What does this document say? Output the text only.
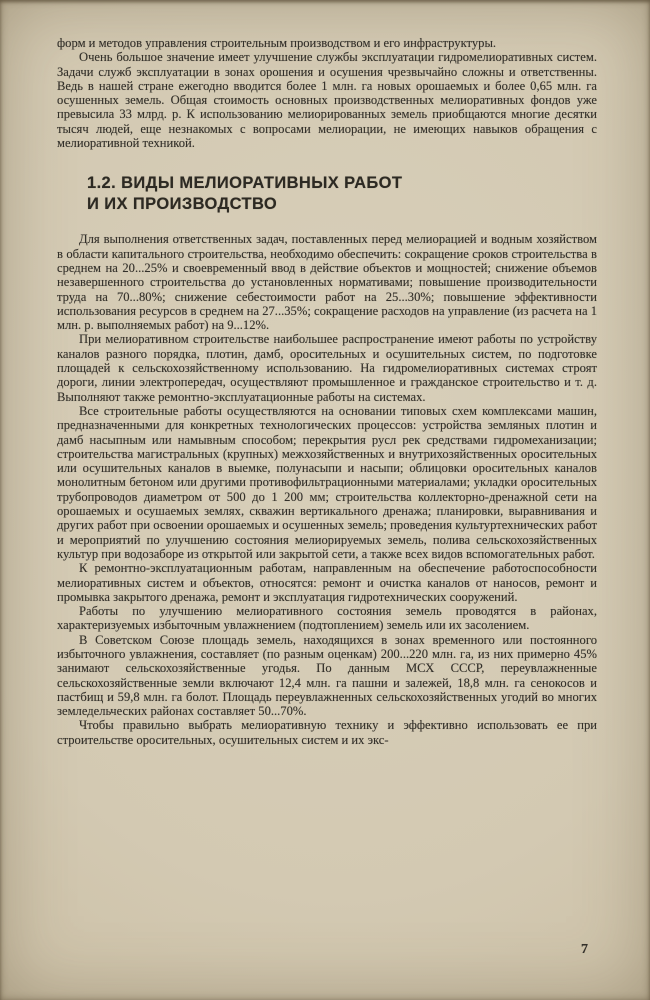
форм и методов управления строительным производством и его инфраструктуры.

Очень большое значение имеет улучшение службы эксплуатации гидромелиоративных систем. Задачи служб эксплуатации в зонах орошения и осушения чрезвычайно сложны и ответственны. Ведь в нашей стране ежегодно вводится более 1 млн. га новых орошаемых и более 0,65 млн. га осушенных земель. Общая стоимость основных производственных мелиоративных фондов уже превысила 33 млрд. р. К использованию мелиорированных земель приобщаются многие десятки тысяч людей, еще незнакомых с вопросами мелиорации, не имеющих навыков обращения с мелиоративной техникой.

1.2. ВИДЫ МЕЛИОРАТИВНЫХ РАБОТ
И ИХ ПРОИЗВОДСТВО

Для выполнения ответственных задач, поставленных перед мелиорацией и водным хозяйством в области капитального строительства, необходимо обеспечить: сокращение сроков строительства в среднем на 20...25% и своевременный ввод в действие объектов и мощностей; снижение объемов незавершенного строительства до установленных нормативами; повышение производительности труда на 70...80%; снижение себестоимости работ на 25...30%; повышение эффективности использования ресурсов в среднем на 27...35%; сокращение расходов на управление (из расчета на 1 млн. р. выполняемых работ) на 9...12%.

При мелиоративном строительстве наибольшее распространение имеют работы по устройству каналов разного порядка, плотин, дамб, оросительных и осушительных систем, по подготовке площадей к сельскохозяйственному использованию. На гидромелиоративных системах строят дороги, линии электропередач, осуществляют промышленное и гражданское строительство и т. д. Выполняют также ремонтно-эксплуатационные работы на системах.

Все строительные работы осуществляются на основании типовых схем комплексами машин, предназначенными для конкретных технологических процессов: устройства земляных плотин и дамб насыпным или намывным способом; перекрытия русл рек средствами гидромеханизации; строительства магистральных (крупных) межхозяйственных и внутрихозяйственных оросительных или осушительных каналов в выемке, полунасыпи и насыпи; облицовки оросительных каналов монолитным бетоном или другими противофильтрационными материалами; укладки оросительных трубопроводов диаметром от 500 до 1 200 мм; строительства коллекторно-дренажной сети на орошаемых и осушаемых землях, скважин вертикального дренажа; планировки, выравнивания и других работ при освоении орошаемых и осушенных земель; проведения культуртехнических работ и мероприятий по улучшению состояния мелиорируемых земель, полива сельскохозяйственных культур при водозаборе из открытой или закрытой сети, а также всех видов вспомогательных работ.

К ремонтно-эксплуатационным работам, направленным на обеспечение работоспособности мелиоративных систем и объектов, относятся: ремонт и очистка каналов от наносов, ремонт и промывка закрытого дренажа, ремонт и эксплуатация гидротехнических сооружений.

Работы по улучшению мелиоративного состояния земель проводятся в районах, характеризуемых избыточным увлажнением (подтоплением) земель или их засолением.

В Советском Союзе площадь земель, находящихся в зонах временного или постоянного избыточного увлажнения, составляет (по разным оценкам) 200...220 млн. га, из них примерно 45% занимают сельскохозяйственные угодья. По данным МСХ СССР, переувлажненные сельскохозяйственные земли включают 12,4 млн. га пашни и залежей, 18,8 млн. га сенокосов и пастбищ и 59,8 млн. га болот. Площадь переувлажненных сельскохозяйственных угодий во многих земледельческих районах составляет 50...70%.

Чтобы правильно выбрать мелиоративную технику и эффективно использовать ее при строительстве оросительных, осушительных систем и их экс-

7
